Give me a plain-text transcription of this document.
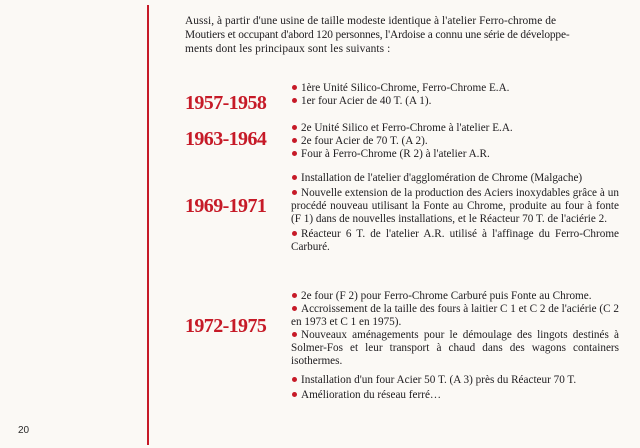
Aussi, à partir d'une usine de taille modeste identique à l'atelier Ferro-chrome de
Moutiers et occupant d'abord 120 personnes, l'Ardoise a connu une série de développe-
ments dont les principaux sont les suivants :

1957-1958
1ère Unité Silico-Chrome, Ferro-Chrome E.A.
1er four Acier de 40 T. (A 1).
1963-1964	2e Unité Silico et Ferro-Chrome à l'atelier E.A.
2e four Acier de 70 T. (A 2).
Four à Ferro-Chrome (R 2) à l'atelier A.R.
1969-1971
Installation de l'atelier d'agglomération de Chrome (Malgache)
Nouvelle extension de la production des Aciers inoxydables grâce à un procédé nouveau utilisant la Fonte au Chrome, produite au four à fonte (F 1) dans de nouvelles installations, et le Réacteur 70 T. de l'aciérie 2.
Réacteur 6 T. de l'atelier A.R. utilisé à l'affinage du Ferro-Chrome Carburé.
1972-1975
2e four (F 2) pour Ferro-Chrome Carburé puis Fonte au Chrome.
Accroissement de la taille des fours à laitier C 1 et C 2 de l'aciérie (C 2 en 1973 et C 1 en 1975).
Nouveaux aménagements pour le démoulage des lingots destinés à Solmer-Fos et leur transport à chaud dans des wagons containers isothermes.
Installation d'un four Acier 50 T. (A 3) près du Réacteur 70 T.
Amélioration du réseau ferré…

20
